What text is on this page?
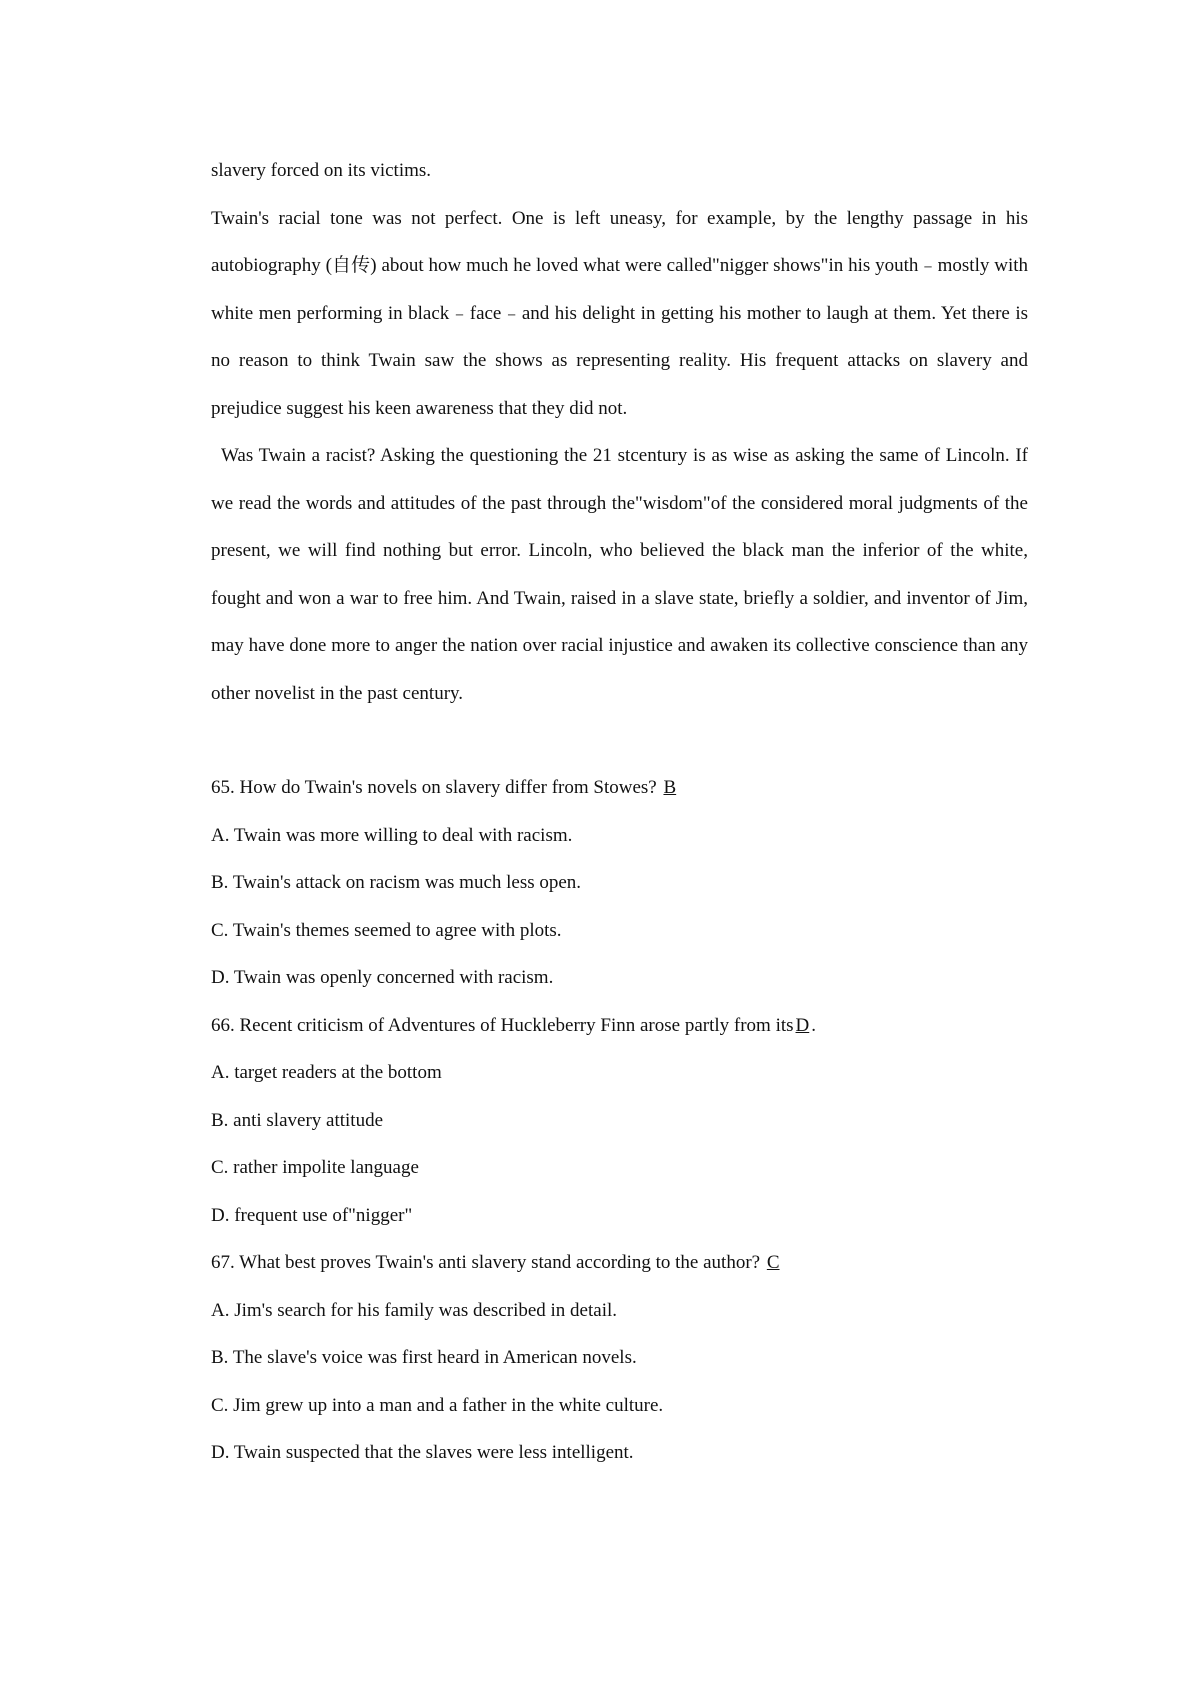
slavery forced on its victims.

Twain's racial tone was not perfect. One is left uneasy, for example, by the lengthy passage in his autobiography (自传) about how much he loved what were called"nigger shows"in his youth﹣mostly with white men performing in black﹣face﹣and his delight in getting his mother to laugh at them. Yet there is no reason to think Twain saw the shows as representing reality. His frequent attacks on slavery and prejudice suggest his keen awareness that they did not.

Was Twain a racist? Asking the questioning the 21 stcentury is as wise as asking the same of Lincoln. If we read the words and attitudes of the past through the"wisdom"of the considered moral judgments of the present, we will find nothing but error. Lincoln, who believed the black man the inferior of the white, fought and won a war to free him. And Twain, raised in a slave state, briefly a soldier, and inventor of Jim, may have done more to anger the nation over racial injustice and awaken its collective conscience than any other novelist in the past century.

65. How do Twain's novels on slavery differ from Stowes? B

A. Twain was more willing to deal with racism.

B. Twain's attack on racism was much less open.

C. Twain's themes seemed to agree with plots.

D. Twain was openly concerned with racism.

66. Recent criticism of Adventures of Huckleberry Finn arose partly from itsD.

A. target readers at the bottom

B. anti slavery attitude

C. rather impolite language

D. frequent use of"nigger"

67. What best proves Twain's anti slavery stand according to the author? C

A. Jim's search for his family was described in detail.

B. The slave's voice was first heard in American novels.

C. Jim grew up into a man and a father in the white culture.

D. Twain suspected that the slaves were less intelligent.
